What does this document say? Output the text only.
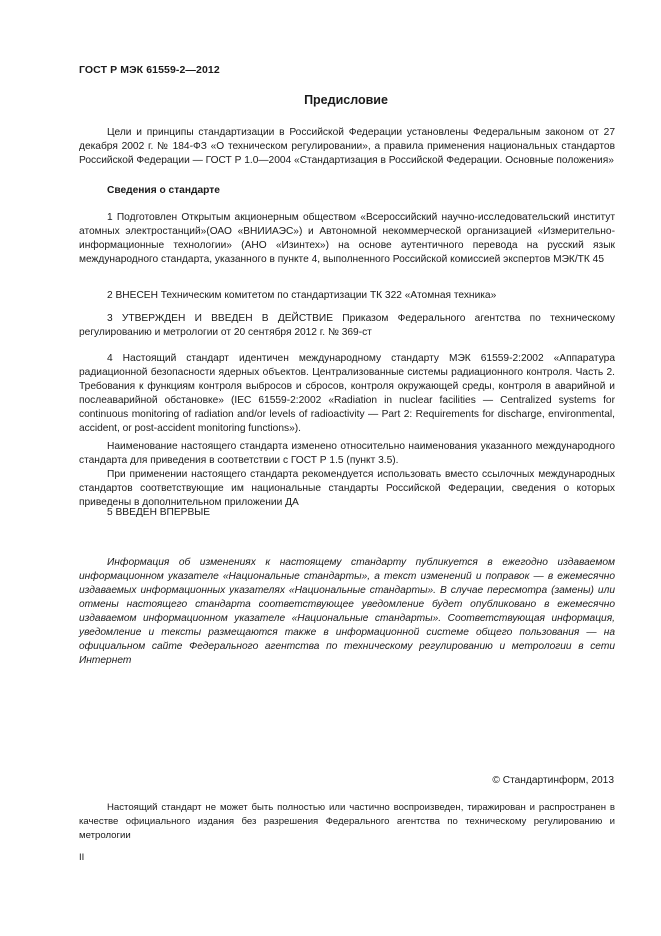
ГОСТ Р МЭК 61559-2—2012
Предисловие

Цели и принципы стандартизации в Российской Федерации установлены Федеральным законом от 27 декабря 2002 г. № 184-ФЗ «О техническом регулировании», а правила применения национальных стандартов Российской Федерации — ГОСТ Р 1.0—2004 «Стандартизация в Российской Федерации. Основные положения»

Сведения о стандарте

1 Подготовлен Открытым акционерным обществом «Всероссийский научно-исследовательский институт атомных электростанций»(ОАО «ВНИИАЭС») и Автономной некоммерческой организацией «Измерительно-информационные технологии» (АНО «Изинтех») на основе аутентичного перевода на русский язык международного стандарта, указанного в пункте 4, выполненного Российской комиссией экспертов МЭК/ТК 45

2 ВНЕСЕН Техническим комитетом по стандартизации ТК 322 «Атомная техника»

3 УТВЕРЖДЕН И ВВЕДЕН В ДЕЙСТВИЕ Приказом Федерального агентства по техническому регулированию и метрологии от 20 сентября 2012 г. № 369-ст

4 Настоящий стандарт идентичен международному стандарту МЭК 61559-2:2002 «Аппаратура радиационной безопасности ядерных объектов. Централизованные системы радиационного контроля. Часть 2. Требования к функциям контроля выбросов и сбросов, контроля окружающей среды, контроля в аварийной и послеаварийной обстановке» (IEC 61559-2:2002 «Radiation in nuclear facilities — Centralized systems for continuous monitoring of radiation and/or levels of radioactivity — Part 2: Requirements for discharge, environmental, accident, or post-accident monitoring functions»).

Наименование настоящего стандарта изменено относительно наименования указанного международного стандарта для приведения в соответствии с ГОСТ Р 1.5 (пункт 3.5).

При применении настоящего стандарта рекомендуется использовать вместо ссылочных международных стандартов соответствующие им национальные стандарты Российской Федерации, сведения о которых приведены в дополнительном приложении ДА

5 ВВЕДЕН ВПЕРВЫЕ

Информация об изменениях к настоящему стандарту публикуется в ежегодно издаваемом информационном указателе «Национальные стандарты», а текст изменений и поправок — в ежемесячно издаваемых информационных указателях «Национальные стандарты». В случае пересмотра (замены) или отмены настоящего стандарта соответствующее уведомление будет опубликовано в ежемесячно издаваемом информационном указателе «Национальные стандарты». Соответствующая информация, уведомление и тексты размещаются также в информационной системе общего пользования — на официальном сайте Федерального агентства по техническому регулированию и метрологии в сети Интернет

© Стандартинформ, 2013

Настоящий стандарт не может быть полностью или частично воспроизведен, тиражирован и распространен в качестве официального издания без разрешения Федерального агентства по техническому регулированию и метрологии

II
